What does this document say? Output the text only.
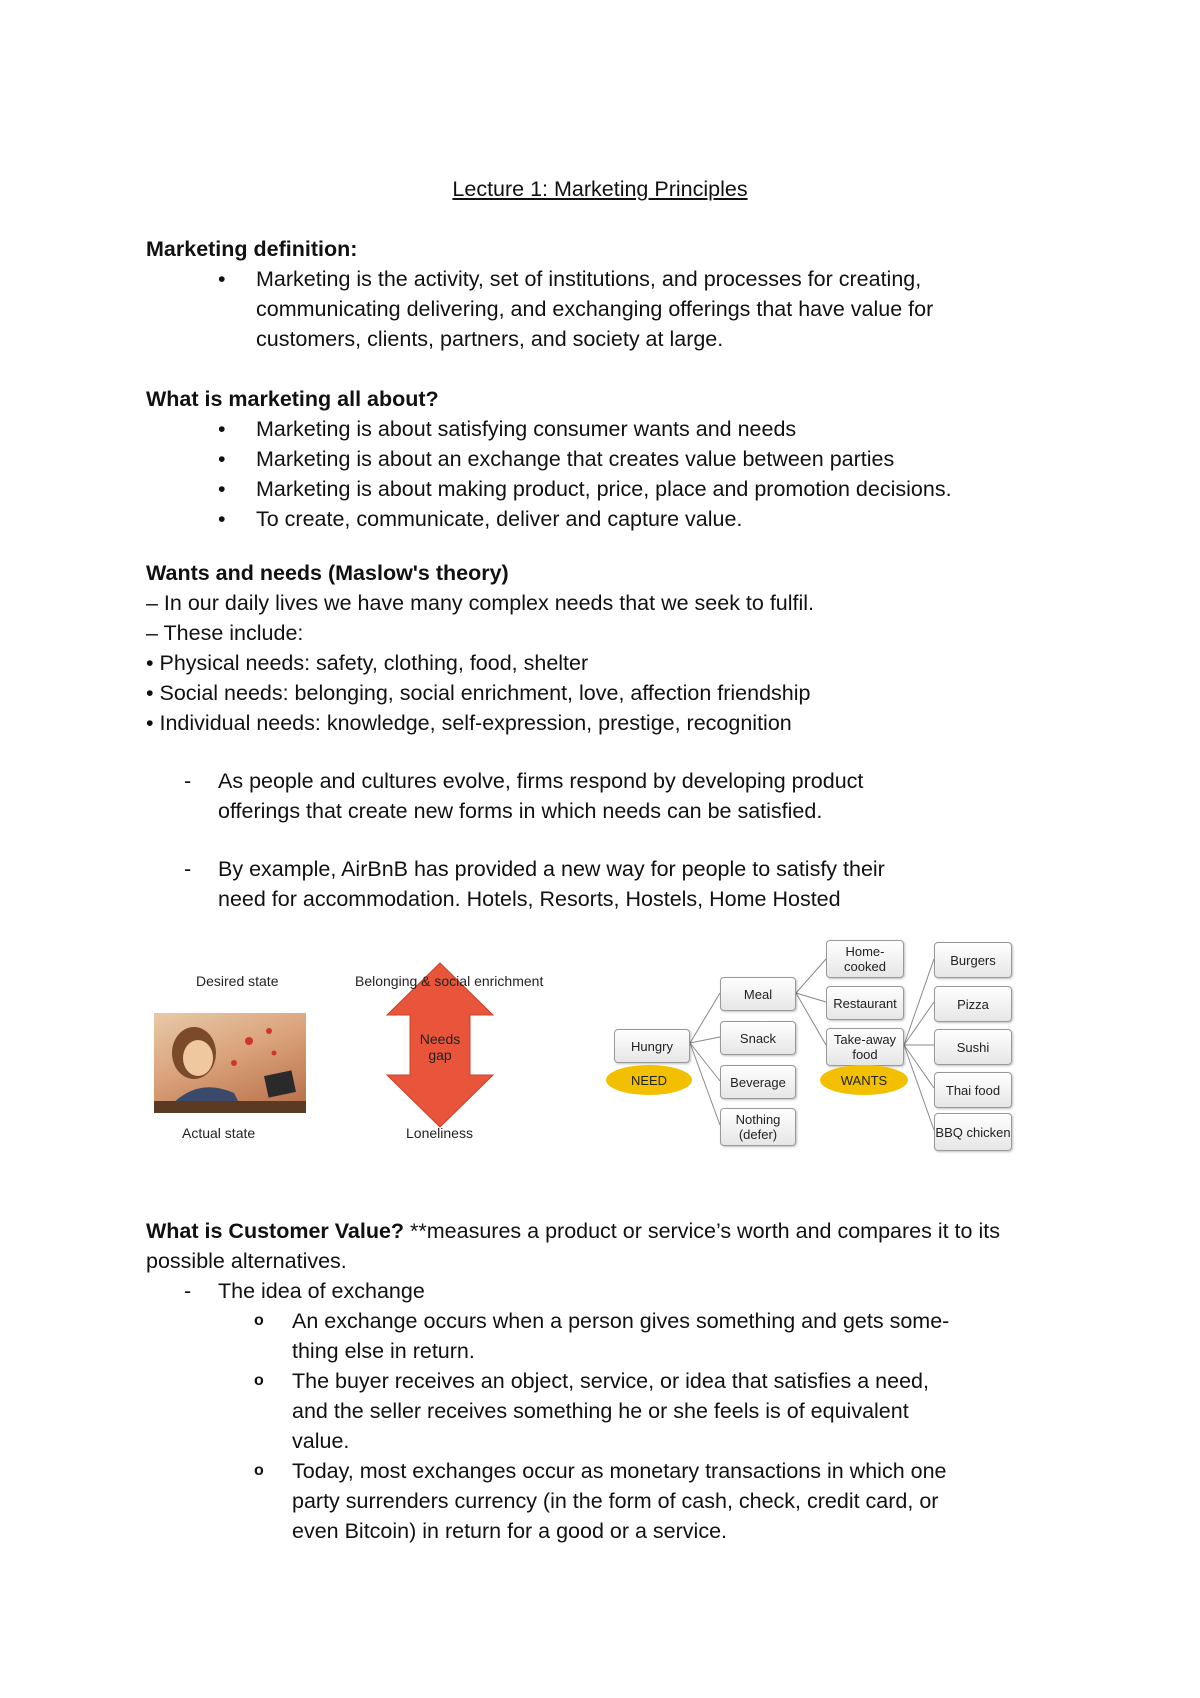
Lecture 1: Marketing Principles
Marketing definition:
• Marketing is the activity, set of institutions, and processes for creating, communicating delivering, and exchanging offerings that have value for customers, clients, partners, and society at large.
What is marketing all about?
• Marketing is about satisfying consumer wants and needs
• Marketing is about an exchange that creates value between parties
• Marketing is about making product, price, place and promotion decisions.
• To create, communicate, deliver and capture value.
Wants and needs (Maslow's theory)
– In our daily lives we have many complex needs that we seek to fulfil.
– These include:
• Physical needs: safety, clothing, food, shelter
• Social needs: belonging, social enrichment, love, affection friendship
• Individual needs: knowledge, self-expression, prestige, recognition
- As people and cultures evolve, firms respond by developing product offerings that create new forms in which needs can be satisfied.
- By example, AirBnB has provided a new way for people to satisfy their need for accommodation. Hotels, Resorts, Hostels, Home Hosted
Desired state
Actual state
Belonging & social enrichment
Needs gap
Loneliness
Hungry
NEED
Meal
Snack
Beverage
Nothing (defer)
Home-cooked
Restaurant
Take-away food
WANTS
Burgers
Pizza
Sushi
Thai food
BBQ chicken
What is Customer Value? **measures a product or service’s worth and compares it to its possible alternatives.
- The idea of exchange
o An exchange occurs when a person gives something and gets some-thing else in return.
o The buyer receives an object, service, or idea that satisfies a need, and the seller receives something he or she feels is of equivalent value.
o Today, most exchanges occur as monetary transactions in which one party surrenders currency (in the form of cash, check, credit card, or even Bitcoin) in return for a good or a service.
